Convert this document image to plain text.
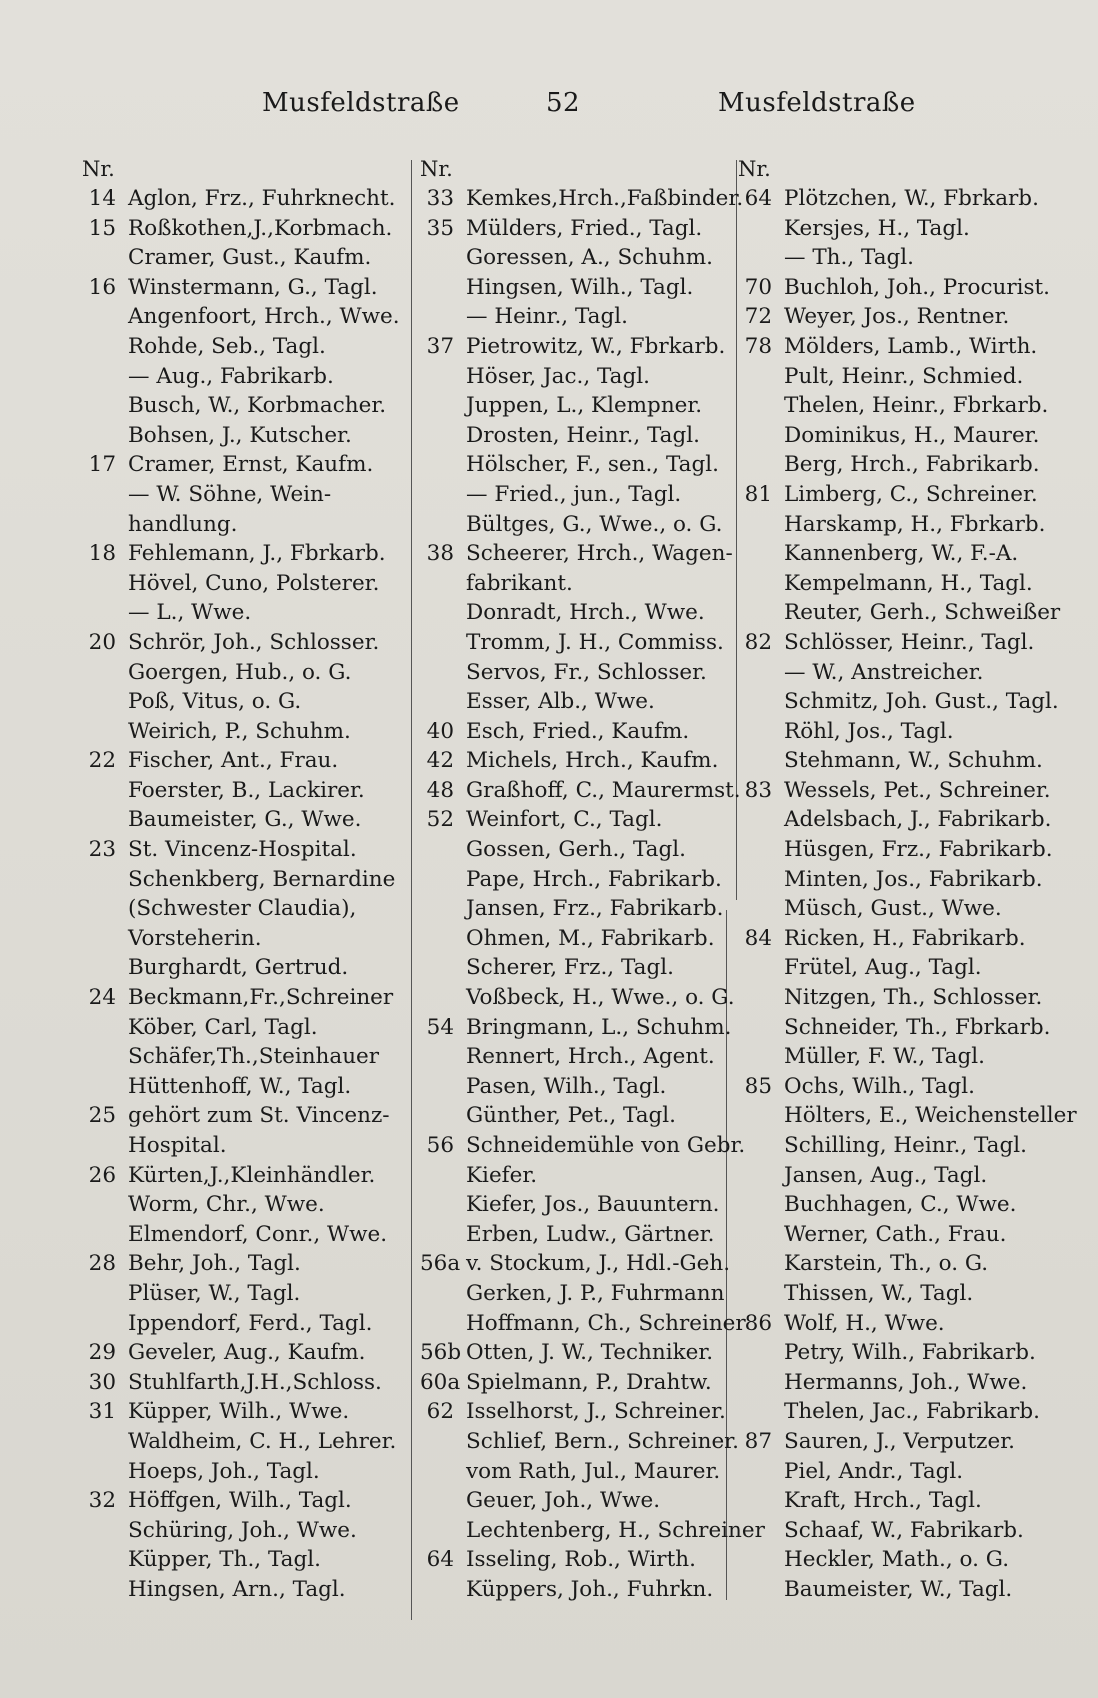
Musfeldstraße	52	Musfeldstraße
Nr.
14 Aglon, Frz., Fuhrknecht.
15 Roßkothen,J.,Korbmach.
Cramer, Gust., Kaufm.
16 Winstermann, G., Tagl.
Angenfoort, Hrch., Wwe.
Rohde, Seb., Tagl.
— Aug., Fabrikarb.
Busch, W., Korbmacher.
Bohsen, J., Kutscher.
17 Cramer, Ernst, Kaufm.
— W. Söhne, Wein-
handlung.
18 Fehlemann, J., Fbrkarb.
Hövel, Cuno, Polsterer.
— L., Wwe.
20 Schrör, Joh., Schlosser.
Goergen, Hub., o. G.
Poß, Vitus, o. G.
Weirich, P., Schuhm.
22 Fischer, Ant., Frau.
Foerster, B., Lackirer.
Baumeister, G., Wwe.
23 St. Vincenz-Hospital.
Schenkberg, Bernardine
(Schwester Claudia),
Vorsteherin.
Burghardt, Gertrud.
24 Beckmann,Fr.,Schreiner
Köber, Carl, Tagl.
Schäfer,Th.,Steinhauer
Hüttenhoff, W., Tagl.
25 gehört zum St. Vincenz-
Hospital.
26 Kürten,J.,Kleinhändler.
Worm, Chr., Wwe.
Elmendorf, Conr., Wwe.
28 Behr, Joh., Tagl.
Plüser, W., Tagl.
Ippendorf, Ferd., Tagl.
29 Geveler, Aug., Kaufm.
30 Stuhlfarth,J.H.,Schloss.
31 Küpper, Wilh., Wwe.
Waldheim, C. H., Lehrer.
Hoeps, Joh., Tagl.
32 Höffgen, Wilh., Tagl.
Schüring, Joh., Wwe.
Küpper, Th., Tagl.
Hingsen, Arn., Tagl.
Nr.
33 Kemkes,Hrch.,Faßbinder.
35 Mülders, Fried., Tagl.
Goressen, A., Schuhm.
Hingsen, Wilh., Tagl.
— Heinr., Tagl.
37 Pietrowitz, W., Fbrkarb.
Höser, Jac., Tagl.
Juppen, L., Klempner.
Drosten, Heinr., Tagl.
Hölscher, F., sen., Tagl.
— Fried., jun., Tagl.
Bültges, G., Wwe., o. G.
38 Scheerer, Hrch., Wagen-
fabrikant.
Donradt, Hrch., Wwe.
Tromm, J. H., Commiss.
Servos, Fr., Schlosser.
Esser, Alb., Wwe.
40 Esch, Fried., Kaufm.
42 Michels, Hrch., Kaufm.
48 Graßhoff, C., Maurermst.
52 Weinfort, C., Tagl.
Gossen, Gerh., Tagl.
Pape, Hrch., Fabrikarb.
Jansen, Frz., Fabrikarb.
Ohmen, M., Fabrikarb.
Scherer, Frz., Tagl.
Voßbeck, H., Wwe., o. G.
54 Bringmann, L., Schuhm.
Rennert, Hrch., Agent.
Pasen, Wilh., Tagl.
Günther, Pet., Tagl.
56 Schneidemühle von Gebr.
Kiefer.
Kiefer, Jos., Bauuntern.
Erben, Ludw., Gärtner.
56a v. Stockum, J., Hdl.-Geh.
Gerken, J. P., Fuhrmann
Hoffmann, Ch., Schreiner
56b Otten, J. W., Techniker.
60a Spielmann, P., Drahtw.
62 Isselhorst, J., Schreiner.
Schlief, Bern., Schreiner.
vom Rath, Jul., Maurer.
Geuer, Joh., Wwe.
Lechtenberg, H., Schreiner
64 Isseling, Rob., Wirth.
Küppers, Joh., Fuhrkn.
Nr.
64 Plötzchen, W., Fbrkarb.
Kersjes, H., Tagl.
— Th., Tagl.
70 Buchloh, Joh., Procurist.
72 Weyer, Jos., Rentner.
78 Mölders, Lamb., Wirth.
Pult, Heinr., Schmied.
Thelen, Heinr., Fbrkarb.
Dominikus, H., Maurer.
Berg, Hrch., Fabrikarb.
81 Limberg, C., Schreiner.
Harskamp, H., Fbrkarb.
Kannenberg, W., F.-A.
Kempelmann, H., Tagl.
Reuter, Gerh., Schweißer
82 Schlösser, Heinr., Tagl.
— W., Anstreicher.
Schmitz, Joh. Gust., Tagl.
Röhl, Jos., Tagl.
Stehmann, W., Schuhm.
83 Wessels, Pet., Schreiner.
Adelsbach, J., Fabrikarb.
Hüsgen, Frz., Fabrikarb.
Minten, Jos., Fabrikarb.
Müsch, Gust., Wwe.
84 Ricken, H., Fabrikarb.
Frütel, Aug., Tagl.
Nitzgen, Th., Schlosser.
Schneider, Th., Fbrkarb.
Müller, F. W., Tagl.
85 Ochs, Wilh., Tagl.
Hölters, E., Weichensteller
Schilling, Heinr., Tagl.
Jansen, Aug., Tagl.
Buchhagen, C., Wwe.
Werner, Cath., Frau.
Karstein, Th., o. G.
Thissen, W., Tagl.
86 Wolf, H., Wwe.
Petry, Wilh., Fabrikarb.
Hermanns, Joh., Wwe.
Thelen, Jac., Fabrikarb.
87 Sauren, J., Verputzer.
Piel, Andr., Tagl.
Kraft, Hrch., Tagl.
Schaaf, W., Fabrikarb.
Heckler, Math., o. G.
Baumeister, W., Tagl.
